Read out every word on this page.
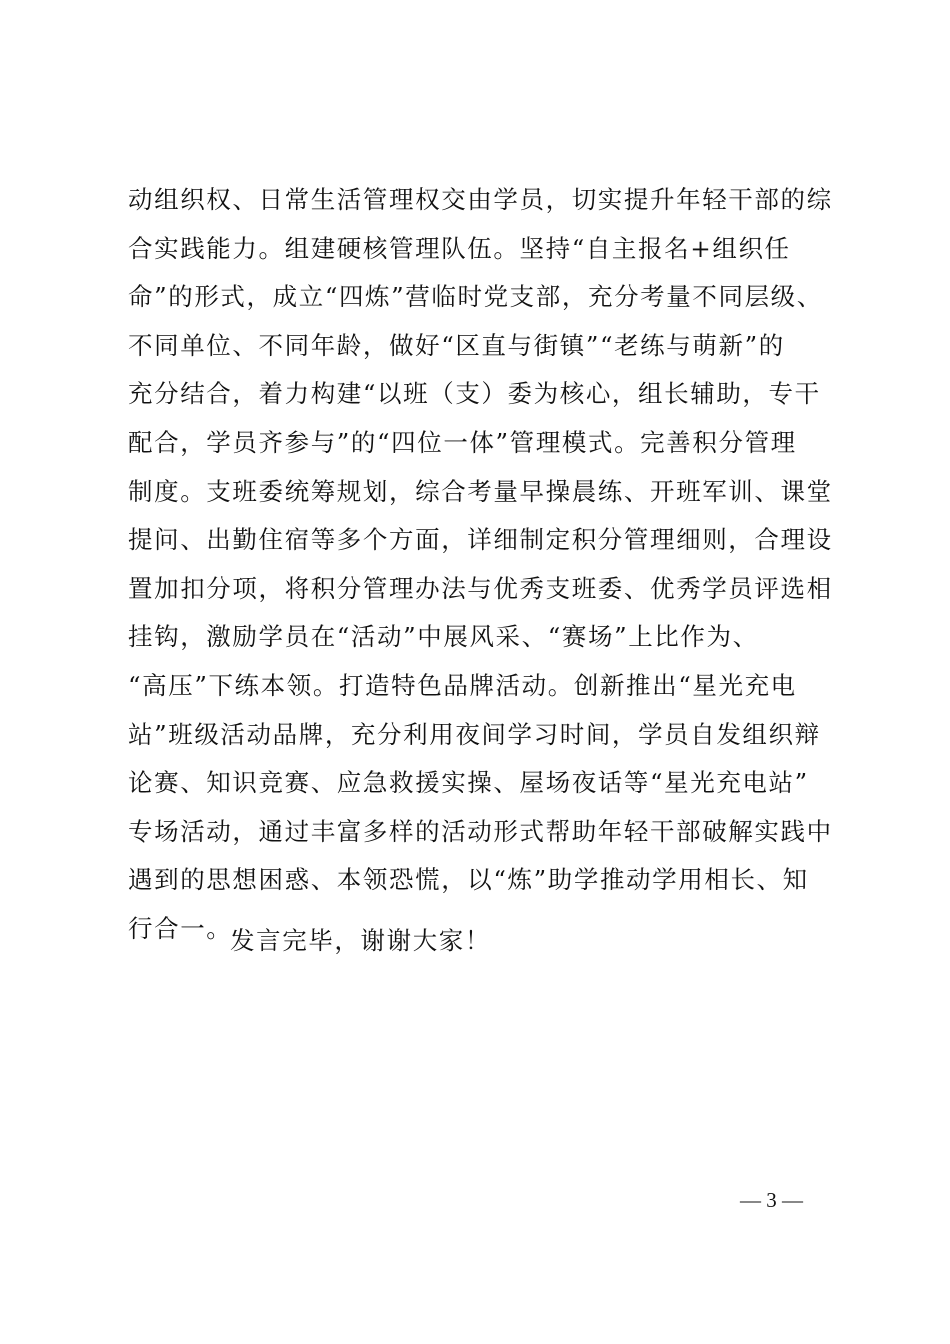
动组织权、日常生活管理权交由学员，切实提升年轻干部的综
合实践能力。组建硬核管理队伍。坚持“自主报名+组织任
命”的形式，成立“四炼”营临时党支部，充分考量不同层级、
不同单位、不同年龄，做好“区直与街镇”“老练与萌新”的
充分结合，着力构建“以班（支）委为核心，组长辅助，专干
配合，学员齐参与”的“四位一体”管理模式。完善积分管理
制度。支班委统筹规划，综合考量早操晨练、开班军训、课堂
提问、出勤住宿等多个方面，详细制定积分管理细则，合理设
置加扣分项，将积分管理办法与优秀支班委、优秀学员评选相
挂钩，激励学员在“活动”中展风采、“赛场”上比作为、
“高压”下练本领。打造特色品牌活动。创新推出“星光充电
站”班级活动品牌，充分利用夜间学习时间，学员自发组织辩
论赛、知识竞赛、应急救援实操、屋场夜话等“星光充电站”
专场活动，通过丰富多样的活动形式帮助年轻干部破解实践中
遇到的思想困惑、本领恐慌，以“炼”助学推动学用相长、知
行合一。
发言完毕，谢谢大家！
— 3 —
